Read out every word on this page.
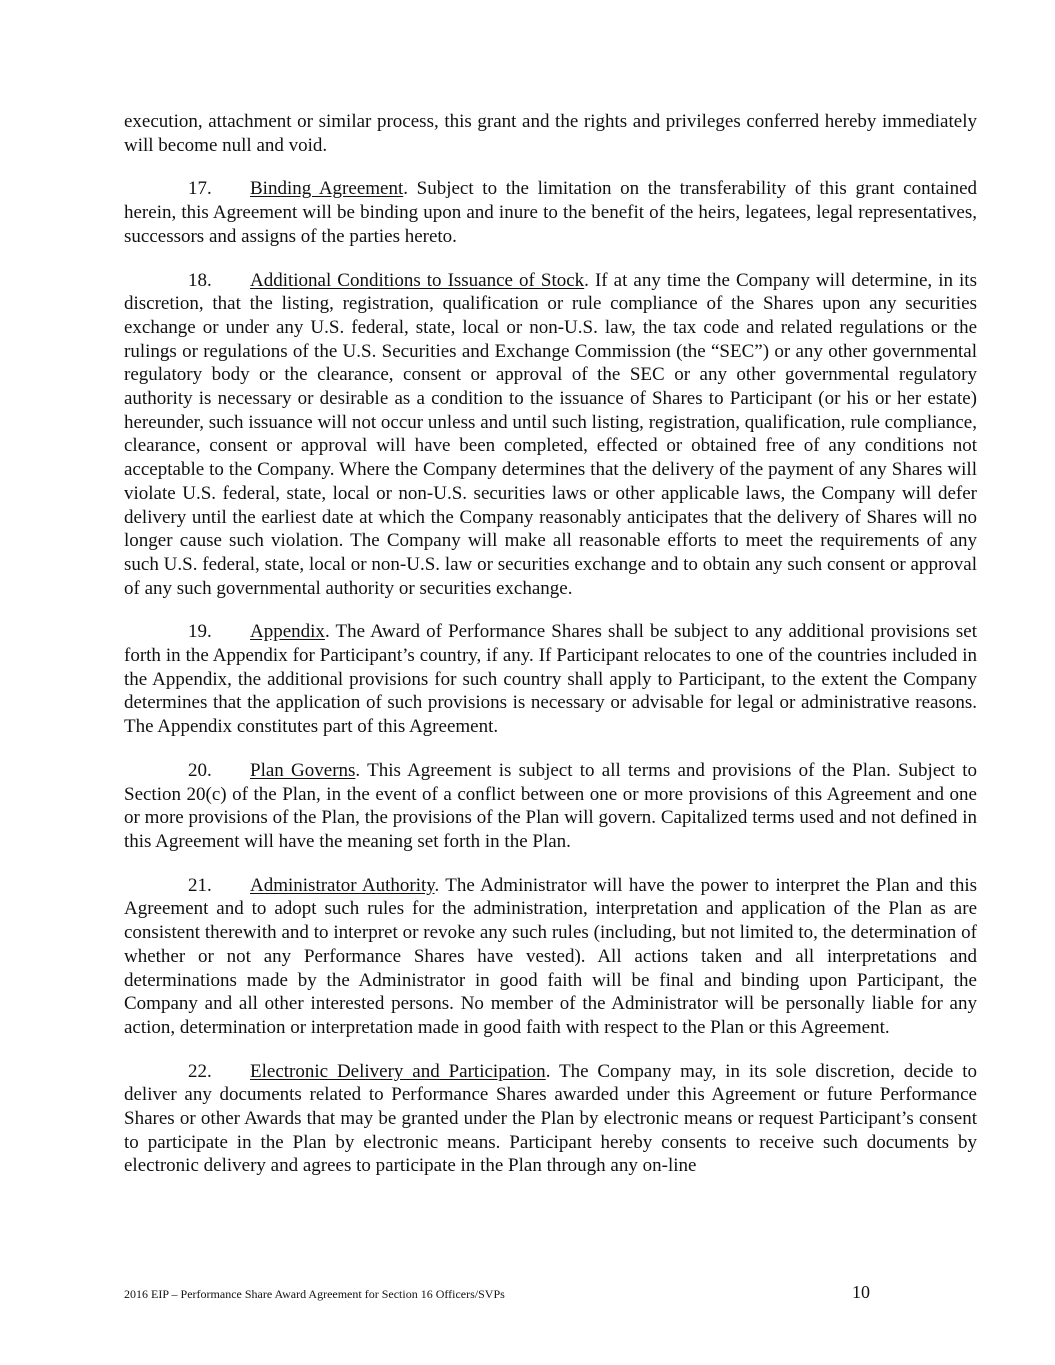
execution, attachment or similar process, this grant and the rights and privileges conferred hereby immediately will become null and void.

17. Binding Agreement. Subject to the limitation on the transferability of this grant contained herein, this Agreement will be binding upon and inure to the benefit of the heirs, legatees, legal representatives, successors and assigns of the parties hereto.

18. Additional Conditions to Issuance of Stock. If at any time the Company will determine, in its discretion, that the listing, registration, qualification or rule compliance of the Shares upon any securities exchange or under any U.S. federal, state, local or non-U.S. law, the tax code and related regulations or the rulings or regulations of the U.S. Securities and Exchange Commission (the “SEC”) or any other governmental regulatory body or the clearance, consent or approval of the SEC or any other governmental regulatory authority is necessary or desirable as a condition to the issuance of Shares to Participant (or his or her estate) hereunder, such issuance will not occur unless and until such listing, registration, qualification, rule compliance, clearance, consent or approval will have been completed, effected or obtained free of any conditions not acceptable to the Company. Where the Company determines that the delivery of the payment of any Shares will violate U.S. federal, state, local or non-U.S. securities laws or other applicable laws, the Company will defer delivery until the earliest date at which the Company reasonably anticipates that the delivery of Shares will no longer cause such violation. The Company will make all reasonable efforts to meet the requirements of any such U.S. federal, state, local or non-U.S. law or securities exchange and to obtain any such consent or approval of any such governmental authority or securities exchange.

19. Appendix. The Award of Performance Shares shall be subject to any additional provisions set forth in the Appendix for Participant’s country, if any. If Participant relocates to one of the countries included in the Appendix, the additional provisions for such country shall apply to Participant, to the extent the Company determines that the application of such provisions is necessary or advisable for legal or administrative reasons. The Appendix constitutes part of this Agreement.

20. Plan Governs. This Agreement is subject to all terms and provisions of the Plan. Subject to Section 20(c) of the Plan, in the event of a conflict between one or more provisions of this Agreement and one or more provisions of the Plan, the provisions of the Plan will govern. Capitalized terms used and not defined in this Agreement will have the meaning set forth in the Plan.

21. Administrator Authority. The Administrator will have the power to interpret the Plan and this Agreement and to adopt such rules for the administration, interpretation and application of the Plan as are consistent therewith and to interpret or revoke any such rules (including, but not limited to, the determination of whether or not any Performance Shares have vested). All actions taken and all interpretations and determinations made by the Administrator in good faith will be final and binding upon Participant, the Company and all other interested persons. No member of the Administrator will be personally liable for any action, determination or interpretation made in good faith with respect to the Plan or this Agreement.

22. Electronic Delivery and Participation. The Company may, in its sole discretion, decide to deliver any documents related to Performance Shares awarded under this Agreement or future Performance Shares or other Awards that may be granted under the Plan by electronic means or request Participant’s consent to participate in the Plan by electronic means. Participant hereby consents to receive such documents by electronic delivery and agrees to participate in the Plan through any on-line

2016 EIP – Performance Share Award Agreement for Section 16 Officers/SVPs	10
